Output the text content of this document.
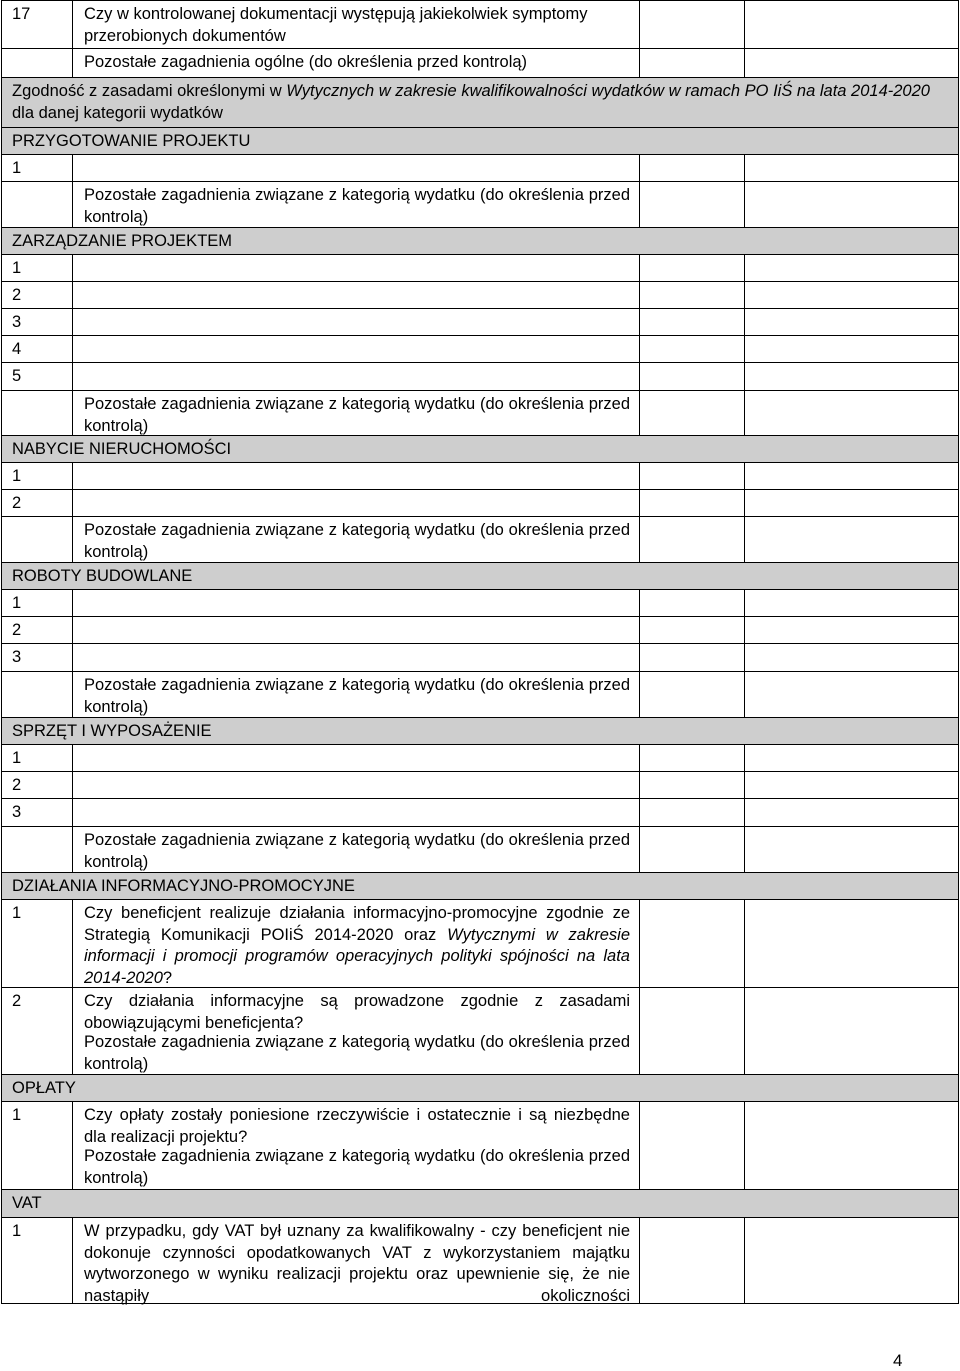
17	Czy w kontrolowanej dokumentacji występują jakiekolwiek symptomy przerobionych dokumentów
Pozostałe zagadnienia ogólne (do określenia przed kontrolą)
Zgodność z zasadami określonymi w Wytycznych w zakresie kwalifikowalności wydatków w ramach PO IiŚ na lata 2014-2020 dla danej kategorii wydatków
PRZYGOTOWANIE PROJEKTU
1
Pozostałe zagadnienia związane z kategorią wydatku (do określenia przed kontrolą)
ZARZĄDZANIE PROJEKTEM
1
2
3
4
5
Pozostałe zagadnienia związane z kategorią wydatku (do określenia przed kontrolą)
NABYCIE NIERUCHOMOŚCI
1
2
Pozostałe zagadnienia związane z kategorią wydatku (do określenia przed kontrolą)
ROBOTY BUDOWLANE
1
2
3
Pozostałe zagadnienia związane z kategorią wydatku (do określenia przed kontrolą)
SPRZĘT I WYPOSAŻENIE
1
2
3
Pozostałe zagadnienia związane z kategorią wydatku (do określenia przed kontrolą)
DZIAŁANIA INFORMACYJNO-PROMOCYJNE
1	Czy beneficjent realizuje działania informacyjno-promocyjne zgodnie ze Strategią Komunikacji POIiŚ 2014-2020 oraz Wytycznymi w zakresie informacji i promocji programów operacyjnych polityki spójności na lata 2014-2020?
2	Czy działania informacyjne są prowadzone zgodnie z zasadami obowiązującymi beneficjenta?
Pozostałe zagadnienia związane z kategorią wydatku (do określenia przed kontrolą)
OPŁATY
1	Czy opłaty zostały poniesione rzeczywiście i ostatecznie i są niezbędne dla realizacji projektu?
Pozostałe zagadnienia związane z kategorią wydatku (do określenia przed kontrolą)
VAT
1	W przypadku, gdy VAT był uznany za kwalifikowalny - czy beneficjent nie dokonuje czynności opodatkowanych VAT z wykorzystaniem majątku wytworzonego w wyniku realizacji projektu oraz upewnienie się, że nie nastąpiły okoliczności
4
